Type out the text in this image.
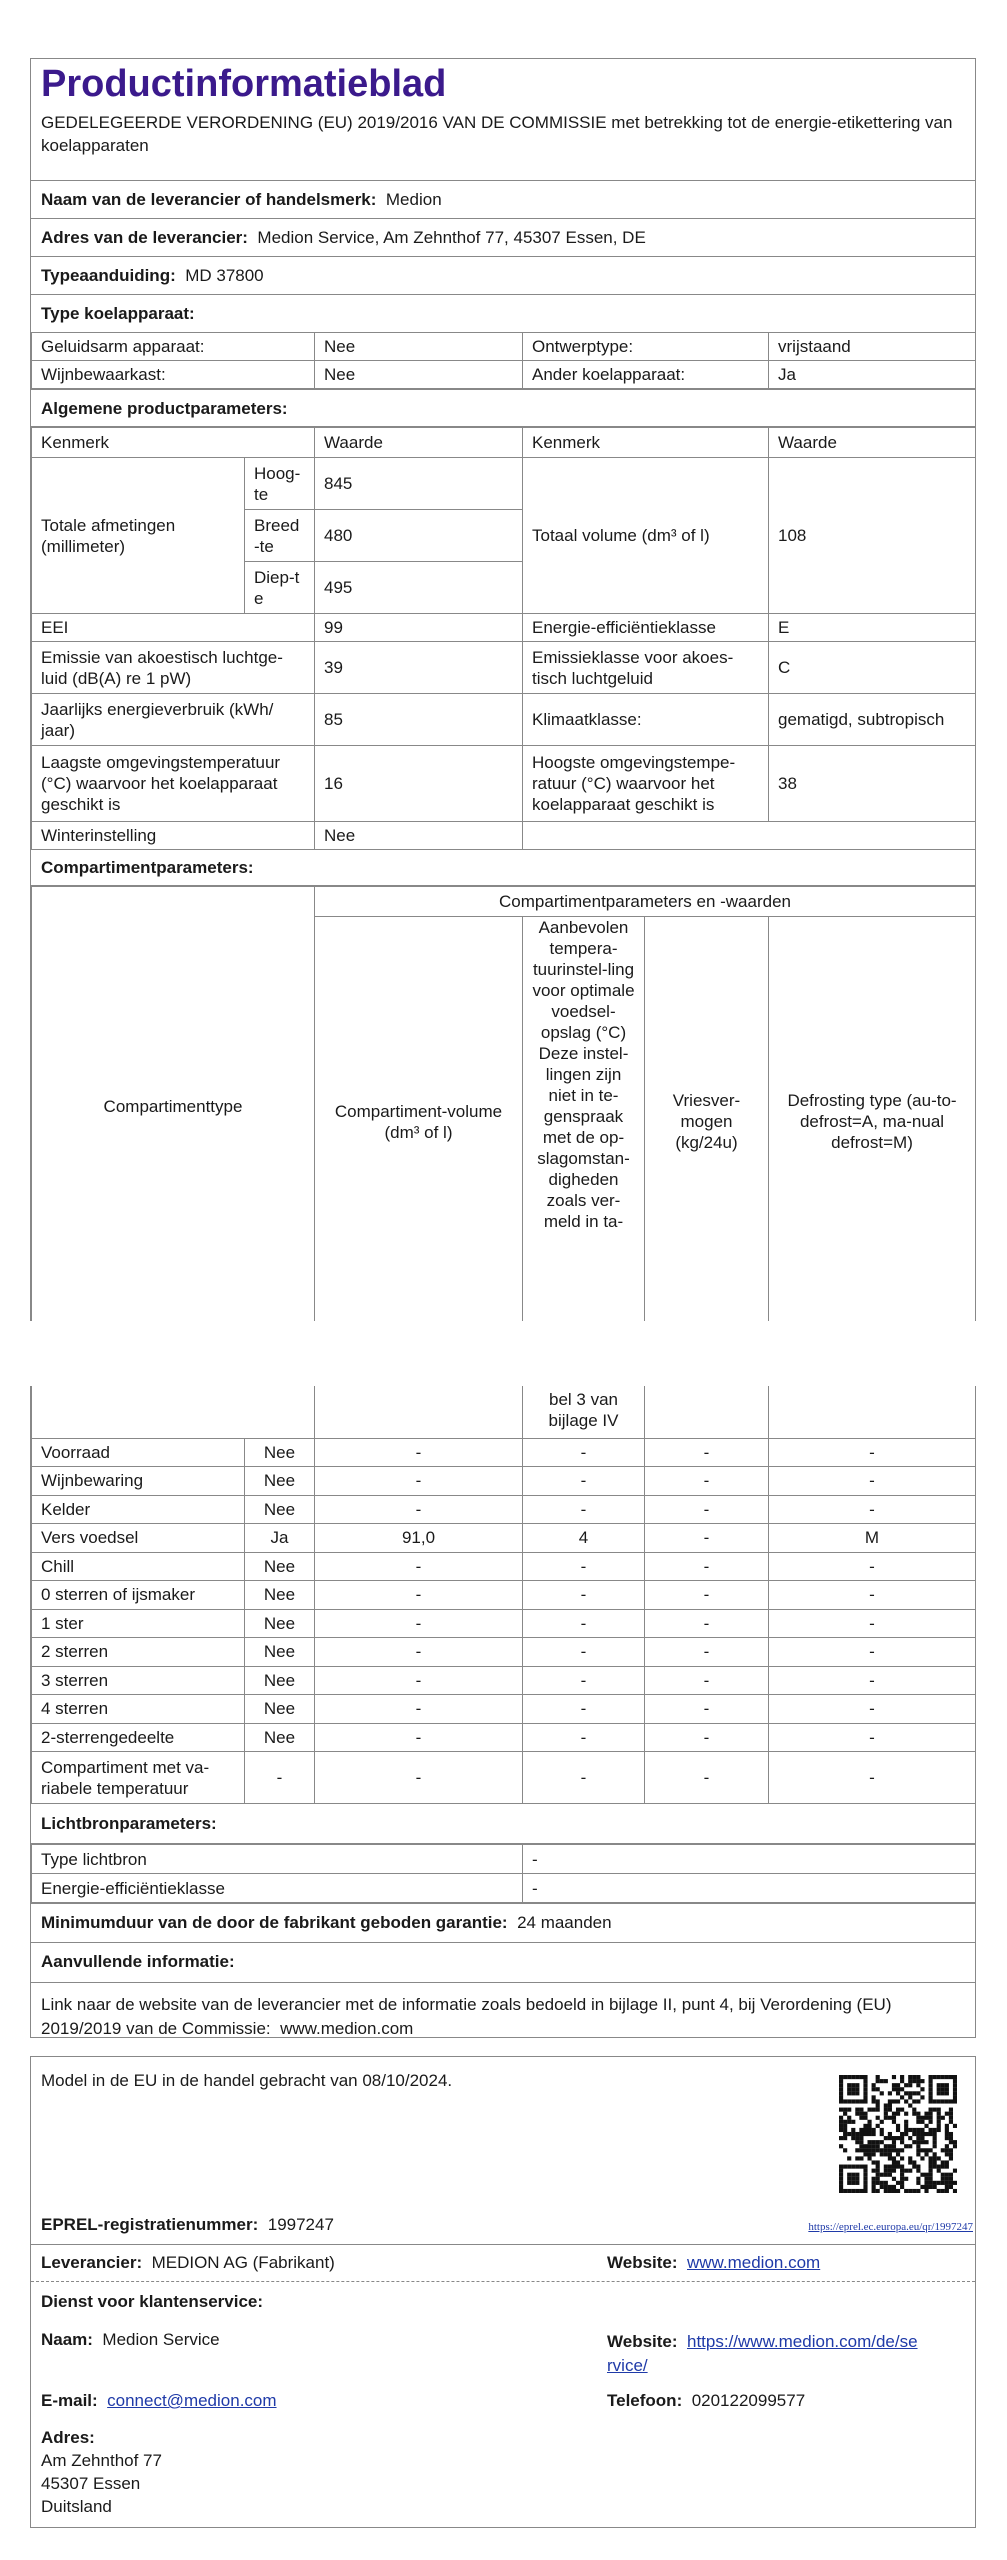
Productinformatieblad
GEDELEGEERDE VERORDENING (EU) 2019/2016 VAN DE COMMISSIE met betrekking tot de energie-etikettering van koelapparaten
Naam van de leverancier of handelsmerk: Medion
Adres van de leverancier: Medion Service, Am Zehnthof 77, 45307 Essen, DE
Typeaanduiding: MD 37800
Type koelapparaat:
Geluidsarm apparaat:	Nee	Ontwerptype:	vrijstaand
Wijnbewaarkast:	Nee	Ander koelapparaat:	Ja
Algemene productparameters:
Kenmerk		Waarde	Kenmerk	Waarde
Totale afmetingen (millimeter)	Hoog-te	845	Totaal volume (dm³ of l)	108
	Breed-te	480		
	Diep-te	495		
EEI		99	Energie-efficiëntieklasse	E
Emissie van akoestisch luchtge-luid (dB(A) re 1 pW)		39	Emissieklasse voor akoes-tisch luchtgeluid	C
Jaarlijks energieverbruik (kWh/ jaar)		85	Klimaatklasse:	gematigd, subtropisch
Laagste omgevingstemperatuur (°C) waarvoor het koelapparaat geschikt is		16	Hoogste omgevingstempe-ratuur (°C) waarvoor het koelapparaat geschikt is	38
Winterinstelling		Nee		
Compartimentparameters:
Compartimenttype	Compartimentparameters en -waarden			
	Compartiment-volume (dm³ of l)	Aanbevolen tempera-tuurinstel-ling voor optimale voedsel-opslag (°C) Deze instel-lingen zijn niet in te-genspraak met de op-slagomstan-digheden zoals ver-meld in ta-	Vriesver-mogen (kg/24u)	Defrosting type (au-to-defrost=A, ma-nual defrost=M)
			bel 3 van bijlage IV		
Voorraad	Nee	-	-	-	-
Wijnbewaring	Nee	-	-	-	-
Kelder	Nee	-	-	-	-
Vers voedsel	Ja	91,0	4	-	M
Chill	Nee	-	-	-	-
0 sterren of ijsmaker	Nee	-	-	-	-
1 ster	Nee	-	-	-	-
2 sterren	Nee	-	-	-	-
3 sterren	Nee	-	-	-	-
4 sterren	Nee	-	-	-	-
2-sterrengedeelte	Nee	-	-	-	-
Compartiment met va-riabele temperatuur	-	-	-	-	-
Lichtbronparameters:
Type lichtbron	-
Energie-efficiëntieklasse	-
Minimumduur van de door de fabrikant geboden garantie: 24 maanden
Aanvullende informatie:
Link naar de website van de leverancier met de informatie zoals bedoeld in bijlage II, punt 4, bij Verordening (EU) 2019/2019 van de Commissie: www.medion.com
Model in de EU in de handel gebracht van 08/10/2024.
EPREL-registratienummer: 1997247	https://eprel.ec.europa.eu/qr/1997247
Leverancier: MEDION AG (Fabrikant)	Website: www.medion.com
Dienst voor klantenservice:
Naam: Medion Service	Website: https://www.medion.com/de/se
rvice/
E-mail: connect@medion.com	Telefoon: 020122099577
Adres:
Am Zehnthof 77
45307 Essen
Duitsland
